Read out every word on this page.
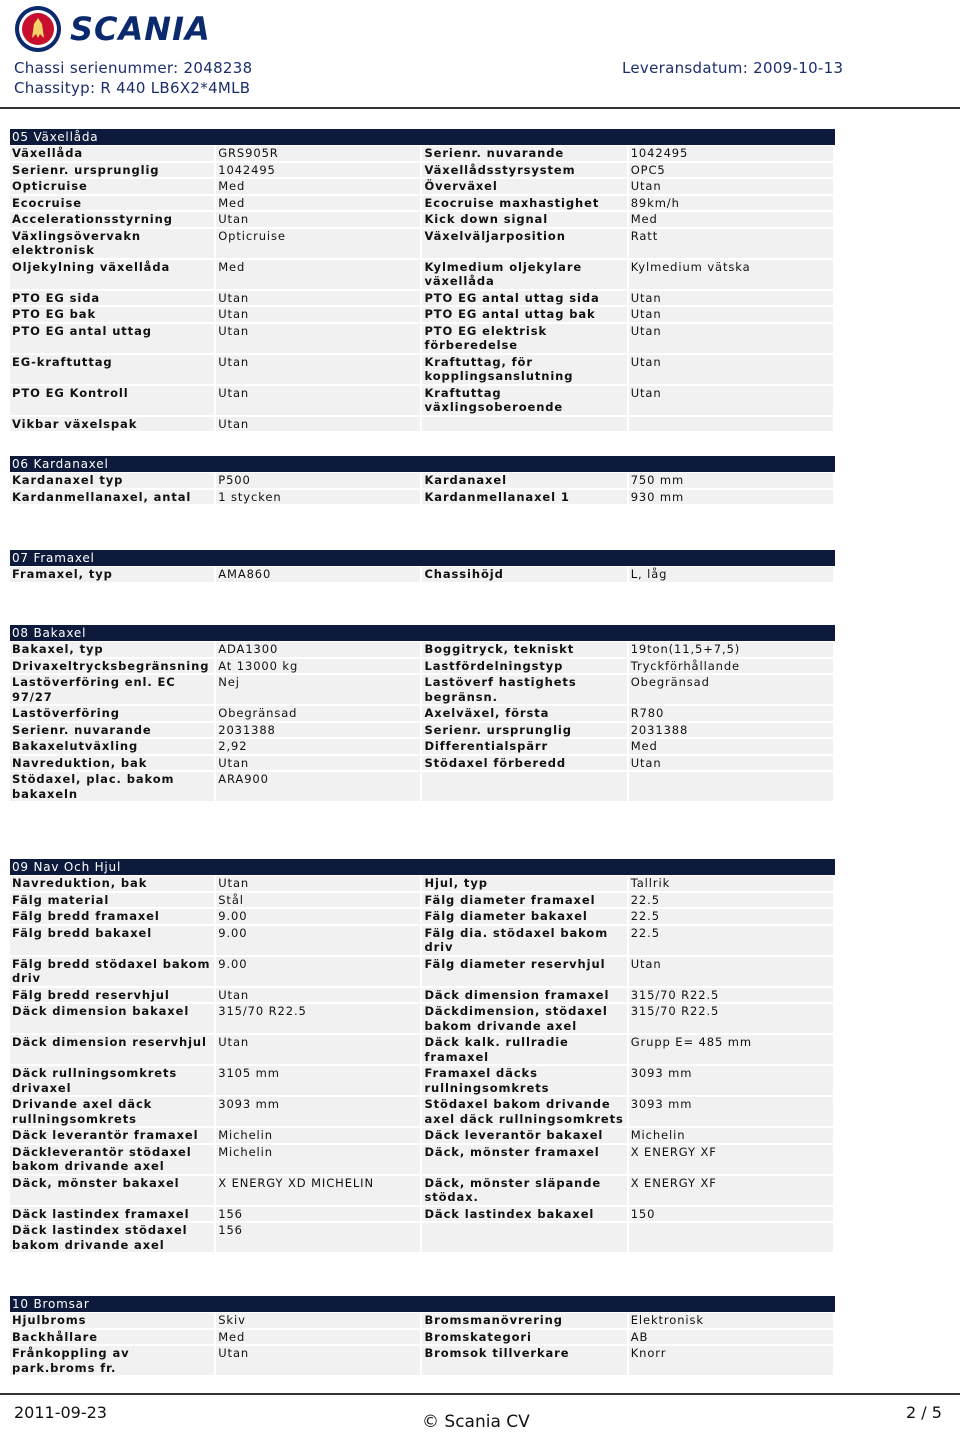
SCANIA
Chassi serienummer: 2048238	Leveransdatum: 2009-10-13
Chassityp: R 440 LB6X2*4MLB
05 Växellåda
Växellåda	GRS905R	Serienr. nuvarande	1042495
Serienr. ursprunglig	1042495	Växellådsstyrsystem	OPC5
Opticruise	Med	Överväxel	Utan
Ecocruise	Med	Ecocruise maxhastighet	89km/h
Accelerationsstyrning	Utan	Kick down signal	Med
Växlingsövervakn elektronisk	Opticruise	Växelväljarposition	Ratt
Oljekylning växellåda	Med	Kylmedium oljekylare växellåda	Kylmedium vätska
PTO EG sida	Utan	PTO EG antal uttag sida	Utan
PTO EG bak	Utan	PTO EG antal uttag bak	Utan
PTO EG antal uttag	Utan	PTO EG elektrisk förberedelse	Utan
EG-kraftuttag	Utan	Kraftuttag, för kopplingsanslutning	Utan
PTO EG Kontroll	Utan	Kraftuttag växlingsoberoende	Utan
Vikbar växelspak	Utan		
06 Kardanaxel
Kardanaxel typ	P500	Kardanaxel	750 mm
Kardanmellanaxel, antal	1 stycken	Kardanmellanaxel 1	930 mm
07 Framaxel
Framaxel, typ	AMA860	Chassihöjd	L, låg
08 Bakaxel
Bakaxel, typ	ADA1300	Boggitryck, tekniskt	19ton(11,5+7,5)
Drivaxeltrycksbegränsning	At 13000 kg	Lastfördelningstyp	Tryckförhållande
Lastöverföring enl. EC 97/27	Nej	Lastöverf hastighets begränsn.	Obegränsad
Lastöverföring	Obegränsad	Axelväxel, första	R780
Serienr. nuvarande	2031388	Serienr. ursprunglig	2031388
Bakaxelutväxling	2,92	Differentialspärr	Med
Navreduktion, bak	Utan	Stödaxel förberedd	Utan
Stödaxel, plac. bakom bakaxeln	ARA900		
09 Nav Och Hjul
Navreduktion, bak	Utan	Hjul, typ	Tallrik
Fälg material	Stål	Fälg diameter framaxel	22.5
Fälg bredd framaxel	9.00	Fälg diameter bakaxel	22.5
Fälg bredd bakaxel	9.00	Fälg dia. stödaxel bakom driv	22.5
Fälg bredd stödaxel bakom driv	9.00	Fälg diameter reservhjul	Utan
Fälg bredd reservhjul	Utan	Däck dimension framaxel	315/70 R22.5
Däck dimension bakaxel	315/70 R22.5	Däckdimension, stödaxel bakom drivande axel	315/70 R22.5
Däck dimension reservhjul	Utan	Däck kalk. rullradie framaxel	Grupp E= 485 mm
Däck rullningsomkrets drivaxel	3105 mm	Framaxel däcks rullningsomkrets	3093 mm
Drivande axel däck rullningsomkrets	3093 mm	Stödaxel bakom drivande axel däck rullningsomkrets	3093 mm
Däck leverantör framaxel	Michelin	Däck leverantör bakaxel	Michelin
Däckleverantör stödaxel bakom drivande axel	Michelin	Däck, mönster framaxel	X ENERGY XF
Däck, mönster bakaxel	X ENERGY XD MICHELIN	Däck, mönster släpande stödax.	X ENERGY XF
Däck lastindex framaxel	156	Däck lastindex bakaxel	150
Däck lastindex stödaxel bakom drivande axel	156		
10 Bromsar
Hjulbroms	Skiv	Bromsmanövrering	Elektronisk
Backhållare	Med	Bromskategori	AB
Frånkoppling av park.broms fr.	Utan	Bromsok tillverkare	Knorr
2011-09-23	© Scania CV	2 / 5
